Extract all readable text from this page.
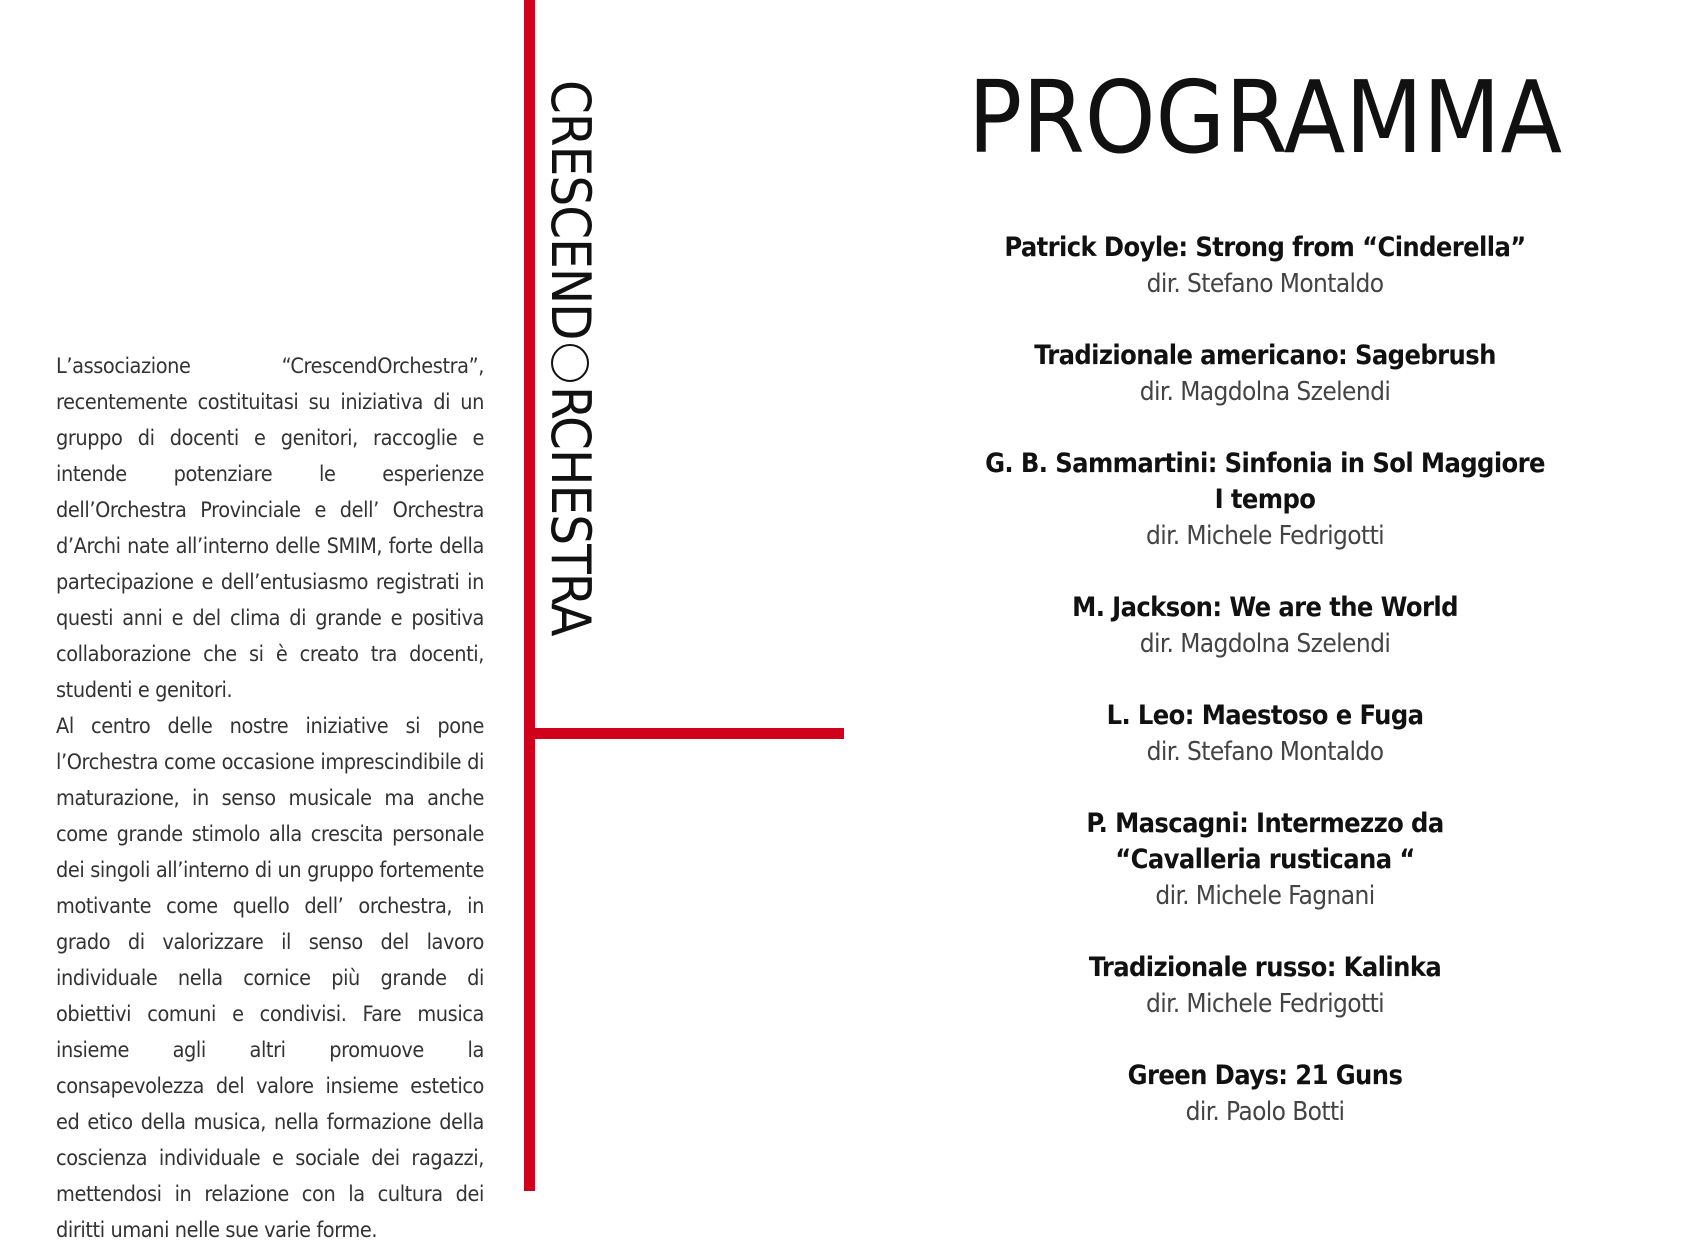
L’associazione “CrescendOrchestra”, recentemente costituitasi su iniziativa di un gruppo di docenti e genitori, raccoglie e intende potenziare le esperienze dell’Orchestra Provinciale e dell’ Orchestra d’Archi nate all’interno delle SMIM, forte della partecipazione e dell’entusiasmo registrati in questi anni e del clima di grande e positiva collaborazione che si è creato tra docenti, studenti e genitori.

Al centro delle nostre iniziative si pone l’Orchestra come occasione imprescindibile di maturazione, in senso musicale ma anche come grande stimolo alla crescita personale dei singoli all’interno di un gruppo fortemente motivante come quello dell’ orchestra, in grado di valorizzare il senso del lavoro individuale nella cornice più grande di obiettivi comuni e condivisi. Fare musica insieme agli altri promuove la consapevolezza del valore insieme estetico ed etico della musica, nella formazione della coscienza individuale e sociale dei ragazzi, mettendosi in relazione con la cultura dei diritti umani nelle sue varie forme.

CRESCEND
RCHESTRA
PROGRAMMA
Patrick Doyle: Strong from “Cinderella”
dir. Stefano Montaldo
Tradizionale americano: Sagebrush
dir. Magdolna Szelendi
G. B. Sammartini: Sinfonia in Sol Maggiore
I tempo
dir. Michele Fedrigotti
M. Jackson: We are the World
dir. Magdolna Szelendi
L. Leo: Maestoso e Fuga
dir. Stefano Montaldo
P. Mascagni: Intermezzo da
“Cavalleria rusticana “
dir. Michele Fagnani
Tradizionale russo: Kalinka
dir. Michele Fedrigotti
Green Days: 21 Guns
dir. Paolo Botti
